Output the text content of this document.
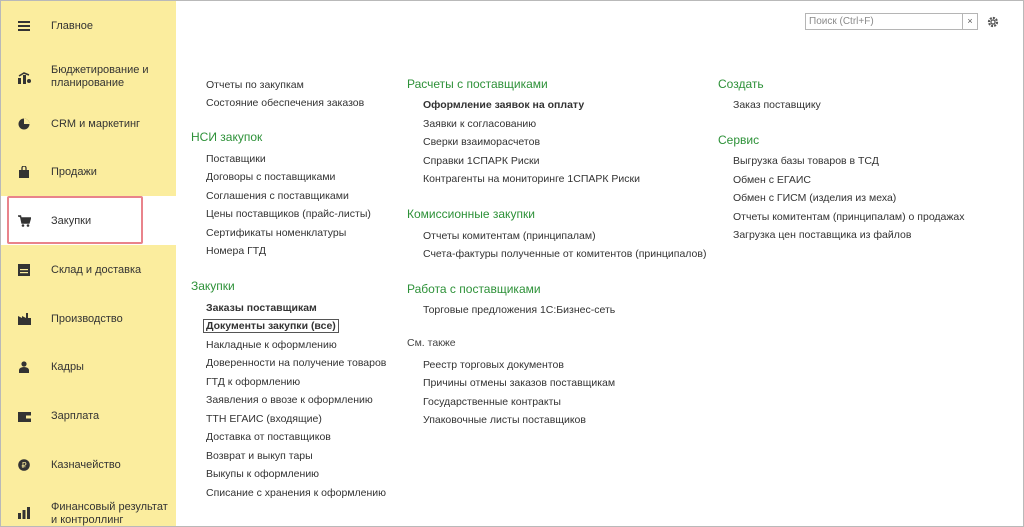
Главное
Бюджетирование и планирование
CRM и маркетинг
Продажи
Закупки
Склад и доставка
Производство
Кадры
Зарплата
₽ Казначейство
Финансовый результат и контроллинг
Поиск (Ctrl+F)
×
Отчеты по закупкам
Состояние обеспечения заказов
НСИ закупок
Поставщики
Договоры с поставщиками
Соглашения с поставщиками
Цены поставщиков (прайс-листы)
Сертификаты номенклатуры
Номера ГТД
Закупки
Заказы поставщикам
Документы закупки (все)
Накладные к оформлению
Доверенности на получение товаров
ГТД к оформлению
Заявления о ввозе к оформлению
ТТН ЕГАИС (входящие)
Доставка от поставщиков
Возврат и выкуп тары
Выкупы к оформлению
Списание с хранения к оформлению
Расчеты с поставщиками
Оформление заявок на оплату
Заявки к согласованию
Сверки взаиморасчетов
Справки 1СПАРК Риски
Контрагенты на мониторинге 1СПАРК Риски
Комиссионные закупки
Отчеты комитентам (принципалам)
Счета-фактуры полученные от комитентов (принципалов)
Работа с поставщиками
Торговые предложения 1С:Бизнес-сеть
См. также
Реестр торговых документов
Причины отмены заказов поставщикам
Государственные контракты
Упаковочные листы поставщиков
Создать
Заказ поставщику
Сервис
Выгрузка базы товаров в ТСД
Обмен с ЕГАИС
Обмен с ГИСМ (изделия из меха)
Отчеты комитентам (принципалам) о продажах
Загрузка цен поставщика из файлов
